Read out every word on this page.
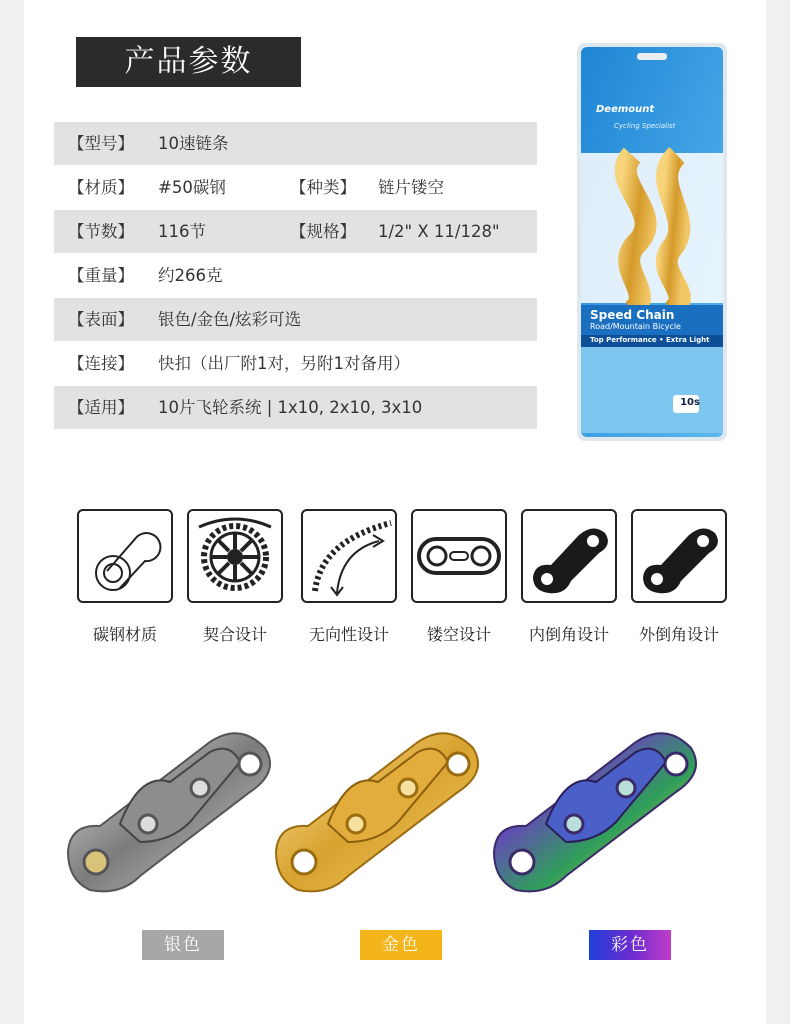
产品参数
【型号】 10速链条
【材质】 #50碳钢	【种类】 链片镂空
【节数】 116节	【规格】 1/2" X 11/128"
【重量】 约266克
【表面】 银色/金色/炫彩可选
【连接】 快扣（出厂附1对，另附1对备用）
【适用】 10片飞轮系统 | 1x10, 2x10, 3x10
Deemount
Cycling Specialist
Speed Chain
Road/Mountain Bicycle
Top Performance • Extra Light
10s
碳钢材质	契合设计	无向性设计	镂空设计	内倒角设计	外倒角设计
银色	金色	彩色
